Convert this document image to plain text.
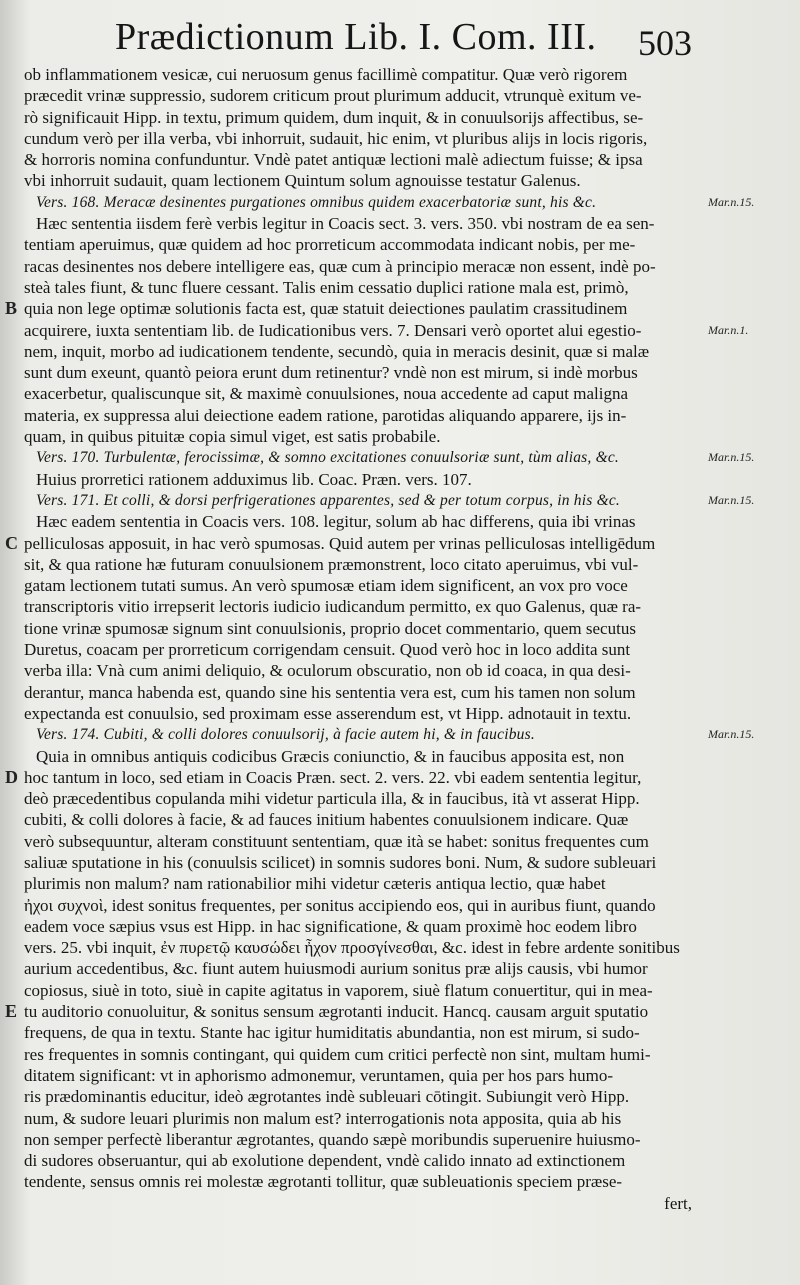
Prædictionum Lib. I. Com. III. 503
ob inflammationem vesicæ, cui neruosum genus facillimè compatitur. Quæ verò rigorem
præcedit vrinæ suppressio, sudorem criticum prout plurimum adducit, vtrunquè exitum ve-
rò significauit Hipp. in textu, primum quidem, dum inquit, & in conuulsorijs affectibus, se-
cundum verò per illa verba, vbi inhorruit, sudauit, hic enim, vt pluribus alijs in locis rigoris,
& horroris nomina confunduntur. Vndè patet antiquæ lectioni malè adiectum fuisse; & ipsa
vbi inhorruit sudauit, quam lectionem Quintum solum agnouisse testatur Galenus.
Vers. 168. Meracæ desinentes purgationes omnibus quidem exacerbatoriæ sunt, his &c.
Hæc sententia iisdem ferè verbis legitur in Coacis sect. 3. vers. 350. vbi nostram de ea sen-
tentiam aperuimus, quæ quidem ad hoc prorreticum accommodata indicant nobis, per me-
racas desinentes nos debere intelligere eas, quæ cum à principio meracæ non essent, indè po-
steà tales fiunt, & tunc fluere cessant. Talis enim cessatio duplici ratione mala est, primò,
quia non lege optimæ solutionis facta est, quæ statuit deiectiones paulatim crassitudinem
acquirere, iuxta sententiam lib. de Iudicationibus vers. 7. Densari verò oportet alui egestio-
nem, inquit, morbo ad iudicationem tendente, secundò, quia in meracis desinit, quæ si malæ
sunt dum exeunt, quantò peiora erunt dum retinentur? vndè non est mirum, si indè morbus
exacerbetur, qualiscunque sit, & maximè conuulsiones, noua accedente ad caput maligna
materia, ex suppressa alui deiectione eadem ratione, parotidas aliquando apparere, ijs in-
quam, in quibus pituitæ copia simul viget, est satis probabile.
Vers. 170. Turbulentæ, ferocissimæ, & somno excitationes conuulsoriæ sunt, tùm alias, &c.
Huius prorretici rationem adduximus lib. Coac. Præn. vers. 107.
Vers. 171. Et colli, & dorsi perfrigerationes apparentes, sed & per totum corpus, in his &c.
Hæc eadem sententia in Coacis vers. 108. legitur, solum ab hac differens, quia ibi vrinas
pelliculosas apposuit, in hac verò spumosas. Quid autem per vrinas pelliculosas intelligēdum
sit, & qua ratione hæ futuram conuulsionem præmonstrent, loco citato aperuimus, vbi vul-
gatam lectionem tutati sumus. An verò spumosæ etiam idem significent, an vox pro voce
transcriptoris vitio irrepserit lectoris iudicio iudicandum permitto, ex quo Galenus, quæ ra-
tione vrinæ spumosæ signum sint conuulsionis, proprio docet commentario, quem secutus
Duretus, coacam per prorreticum corrigendam censuit. Quod verò hoc in loco addita sunt
verba illa: Vnà cum animi deliquio, & oculorum obscuratio, non ob id coaca, in qua desi-
derantur, manca habenda est, quando sine his sententia vera est, cum his tamen non solum
expectanda est conuulsio, sed proximam esse asserendum est, vt Hipp. adnotauit in textu.
Vers. 174. Cubiti, & colli dolores conuulsorij, à facie autem hi, & in faucibus.
Quia in omnibus antiquis codicibus Græcis coniunctio, & in faucibus apposita est, non
hoc tantum in loco, sed etiam in Coacis Præn. sect. 2. vers. 22. vbi eadem sententia legitur,
deò præcedentibus copulanda mihi videtur particula illa, & in faucibus, ità vt asserat Hipp.
cubiti, & colli dolores à facie, & ad fauces initium habentes conuulsionem indicare. Quæ
verò subsequuntur, alteram constituunt sententiam, quæ ità se habet: sonitus frequentes cum
saliuæ sputatione in his (conuulsis scilicet) in somnis sudores boni. Num, & sudore subleuari
plurimis non malum? nam rationabilior mihi videtur cæteris antiqua lectio, quæ habet
ἠχοι συχνοὶ, idest sonitus frequentes, per sonitus accipiendo eos, qui in auribus fiunt, quando
eadem voce sæpius vsus est Hipp. in hac significatione, & quam proximè hoc eodem libro
vers. 25. vbi inquit, ἐν πυρετῷ καυσώδει ἦχον προσγίνεσθαι, &c. idest in febre ardente sonitibus
aurium accedentibus, &c. fiunt autem huiusmodi aurium sonitus præ alijs causis, vbi humor
copiosus, siuè in toto, siuè in capite agitatus in vaporem, siuè flatum conuertitur, qui in mea-
tu auditorio conuoluitur, & sonitus sensum ægrotanti inducit. Hancq. causam arguit sputatio
frequens, de qua in textu. Stante hac igitur humiditatis abundantia, non est mirum, si sudo-
res frequentes in somnis contingant, qui quidem cum critici perfectè non sint, multam humi-
ditatem significant: vt in aphorismo admonemur, veruntamen, quia per hos pars humo-
ris prædominantis educitur, ideò ægrotantes indè subleuari cōtingit. Subiungit verò Hipp.
num, & sudore leuari plurimis non malum est? interrogationis nota apposita, quia ab his
non semper perfectè liberantur ægrotantes, quando sæpè moribundis superuenire huiusmo-
di sudores obseruantur, qui ab exolutione dependent, vndè calido innato ad extinctionem
tendente, sensus omnis rei molestæ ægrotanti tollitur, quæ subleuationis speciem præse-
fert,
Mar.n.15.
Mar.n.1.
Mar.n.15.
Mar.n.15.
Mar.n.15.
B
C
D
E
